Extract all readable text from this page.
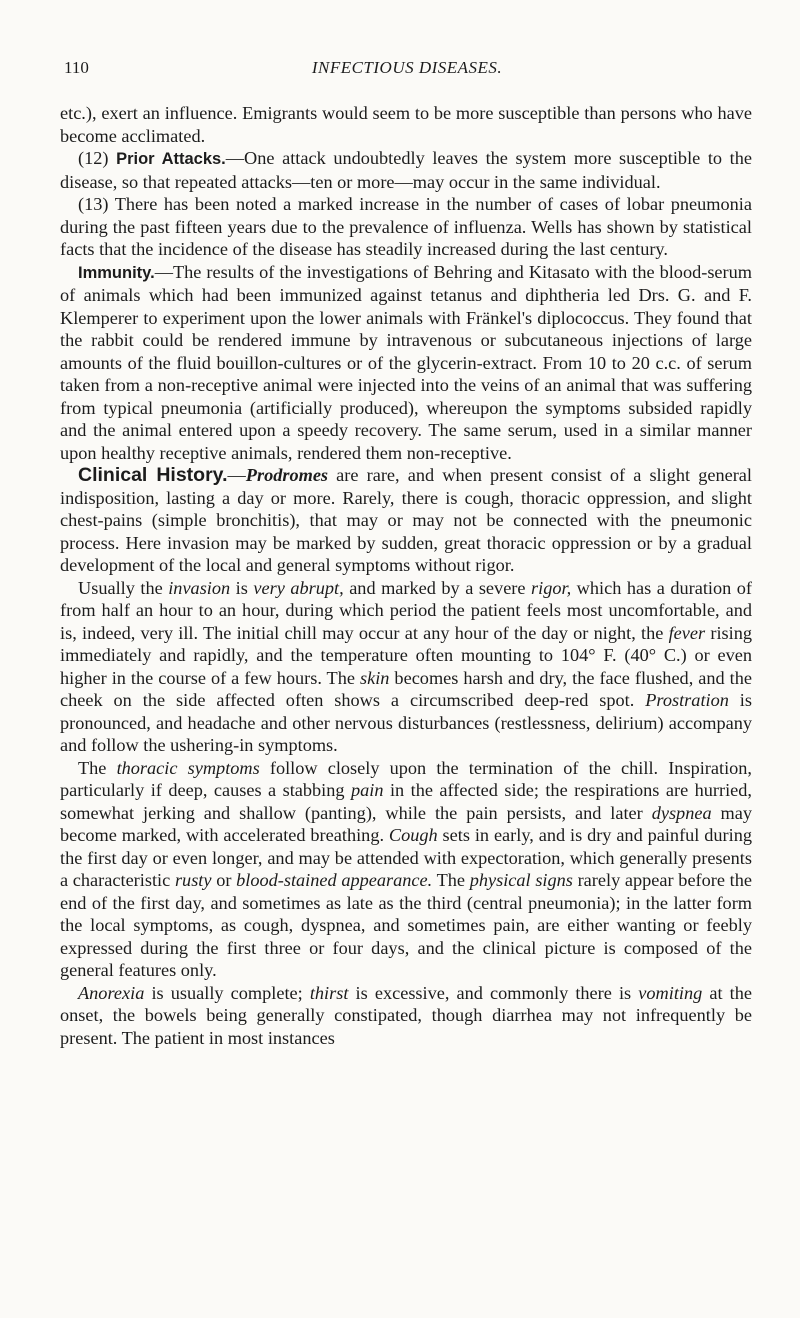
110	INFECTIOUS DISEASES.

etc.), exert an influence. Emigrants would seem to be more susceptible than persons who have become acclimated.

(12) Prior Attacks.—One attack undoubtedly leaves the system more susceptible to the disease, so that repeated attacks—ten or more—may occur in the same individual.

(13) There has been noted a marked increase in the number of cases of lobar pneumonia during the past fifteen years due to the prevalence of influenza. Wells has shown by statistical facts that the incidence of the disease has steadily increased during the last century.

Immunity.—The results of the investigations of Behring and Kitasato with the blood-serum of animals which had been immunized against tetanus and diphtheria led Drs. G. and F. Klemperer to experiment upon the lower animals with Fränkel's diplococcus. They found that the rabbit could be rendered immune by intravenous or subcutaneous injections of large amounts of the fluid bouillon-cultures or of the glycerin-extract. From 10 to 20 c.c. of serum taken from a non-receptive animal were injected into the veins of an animal that was suffering from typical pneumonia (artificially produced), whereupon the symptoms subsided rapidly and the animal entered upon a speedy recovery. The same serum, used in a similar manner upon healthy receptive animals, rendered them non-receptive.

Clinical History.—Prodromes are rare, and when present consist of a slight general indisposition, lasting a day or more. Rarely, there is cough, thoracic oppression, and slight chest-pains (simple bronchitis), that may or may not be connected with the pneumonic process. Here invasion may be marked by sudden, great thoracic oppression or by a gradual development of the local and general symptoms without rigor.

Usually the invasion is very abrupt, and marked by a severe rigor, which has a duration of from half an hour to an hour, during which period the patient feels most uncomfortable, and is, indeed, very ill. The initial chill may occur at any hour of the day or night, the fever rising immediately and rapidly, and the temperature often mounting to 104° F. (40° C.) or even higher in the course of a few hours. The skin becomes harsh and dry, the face flushed, and the cheek on the side affected often shows a circumscribed deep-red spot. Prostration is pronounced, and headache and other nervous disturbances (restlessness, delirium) accompany and follow the ushering-in symptoms.

The thoracic symptoms follow closely upon the termination of the chill. Inspiration, particularly if deep, causes a stabbing pain in the affected side; the respirations are hurried, somewhat jerking and shallow (panting), while the pain persists, and later dyspnea may become marked, with accelerated breathing. Cough sets in early, and is dry and painful during the first day or even longer, and may be attended with expectoration, which generally presents a characteristic rusty or blood-stained appearance. The physical signs rarely appear before the end of the first day, and sometimes as late as the third (central pneumonia); in the latter form the local symptoms, as cough, dyspnea, and sometimes pain, are either wanting or feebly expressed during the first three or four days, and the clinical picture is composed of the general features only.

Anorexia is usually complete; thirst is excessive, and commonly there is vomiting at the onset, the bowels being generally constipated, though diarrhea may not infrequently be present. The patient in most instances
